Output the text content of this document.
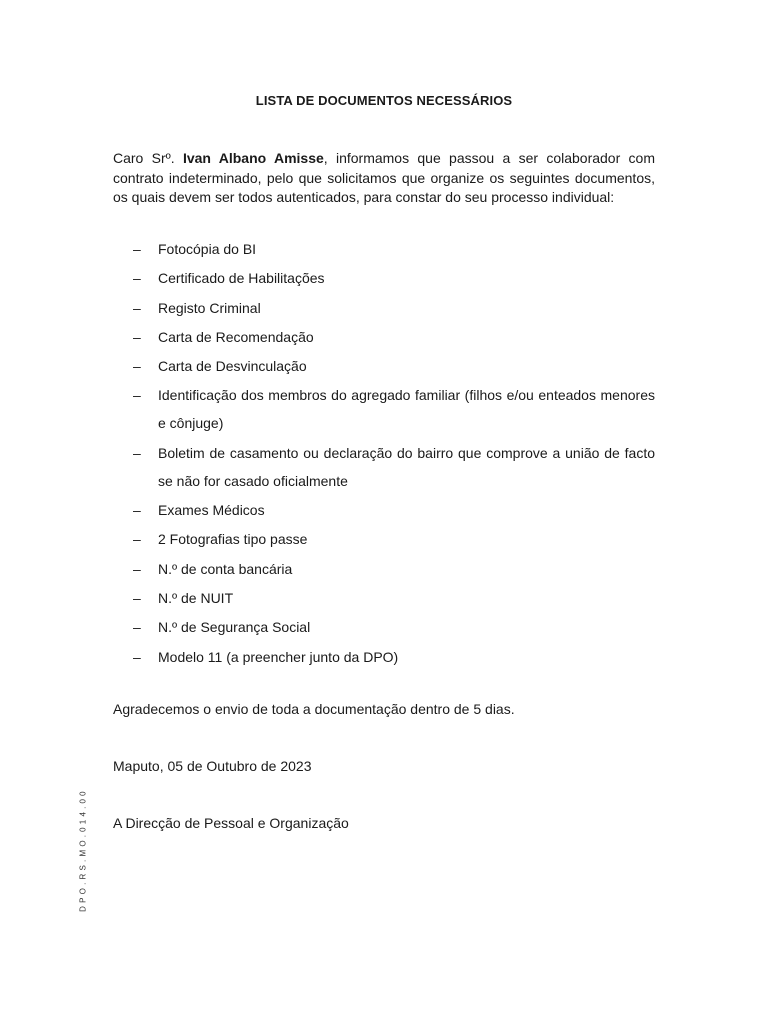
LISTA DE DOCUMENTOS NECESSÁRIOS

Caro Srº. Ivan Albano Amisse, informamos que passou a ser colaborador com contrato indeterminado, pelo que solicitamos que organize os seguintes documentos, os quais devem ser todos autenticados, para constar do seu processo individual:

– Fotocópia do BI
– Certificado de Habilitações
– Registo Criminal
– Carta de Recomendação
– Carta de Desvinculação
– Identificação dos membros do agregado familiar (filhos e/ou enteados menores e cônjuge)
– Boletim de casamento ou declaração do bairro que comprove a união de facto se não for casado oficialmente
– Exames Médicos
– 2 Fotografias tipo passe
– N.º de conta bancária
– N.º de NUIT
– N.º de Segurança Social
– Modelo 11 (a preencher junto da DPO)
Agradecemos o envio de toda a documentação dentro de 5 dias.
Maputo, 05 de Outubro de 2023
A Direcção de Pessoal e Organização
DPO.RS.MO.014.00
